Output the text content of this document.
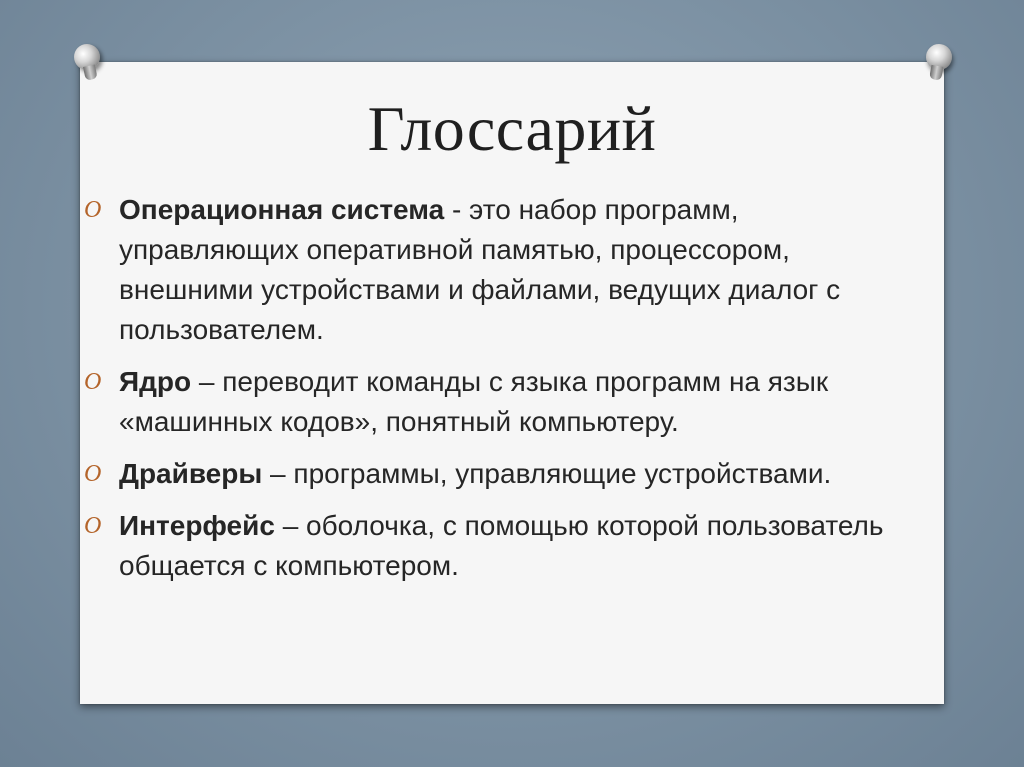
Глоссарий
O Операционная система - это набор программ, управляющих оперативной памятью, процессором, внешними устройствами и файлами, ведущих диалог с пользователем.
O Ядро – переводит команды с языка программ на язык «машинных кодов», понятный компьютеру.
O Драйверы – программы, управляющие устройствами.
O Интерфейс – оболочка, с помощью которой пользователь общается с компьютером.
